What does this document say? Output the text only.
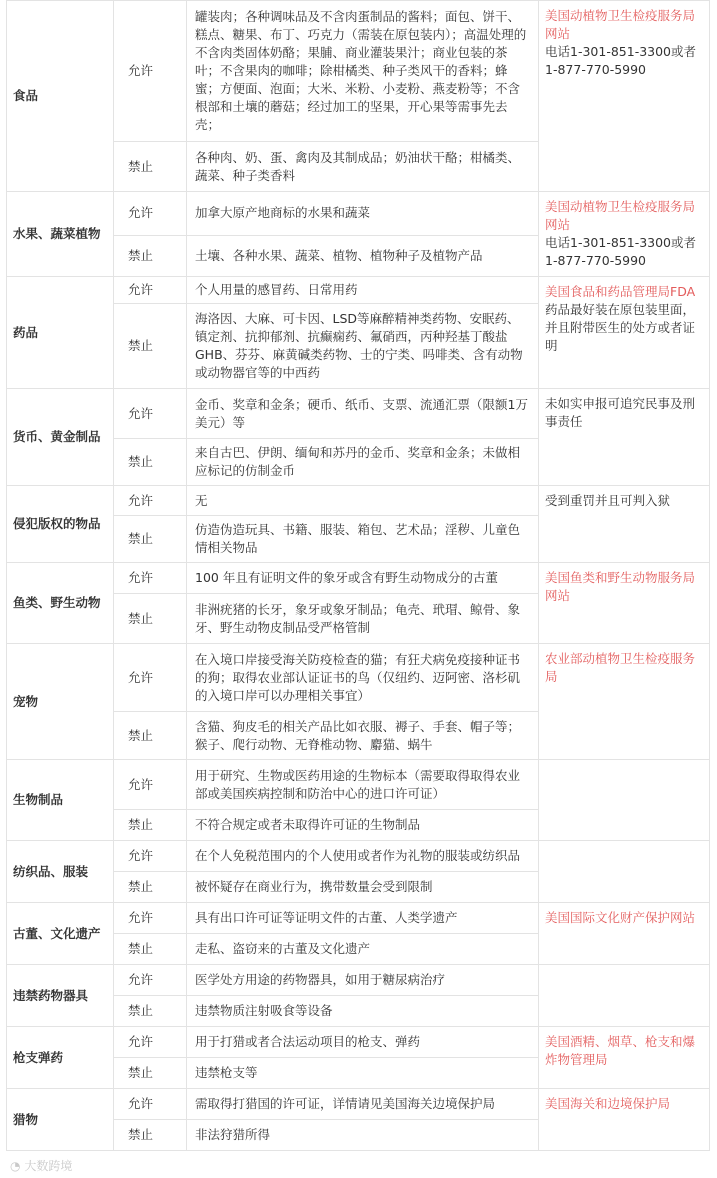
食品	允许	罐装肉；各种调味品及不含肉蛋制品的酱料；面包、饼干、糕点、糖果、布丁、巧克力（需装在原包装内）；高温处理的不含肉类固体奶酪；果脯、商业灌装果汁；商业包装的茶叶；不含果肉的咖啡；除柑橘类、种子类风干的香料；蜂蜜；方便面、泡面；大米、米粉、小麦粉、燕麦粉等；不含根部和土壤的蘑菇；经过加工的坚果，开心果等需事先去壳；	美国动植物卫生检疫服务局网站
电话1-301-851-3300或者1-877-770-5990

	禁止	各种肉、奶、蛋、禽肉及其制成品；奶油状干酪；柑橘类、蔬菜、种子类香料	
水果、蔬菜植物	允许	加拿大原产地商标的水果和蔬菜	美国动植物卫生检疫服务局网站
电话1-301-851-3300或者1-877-770-5990

	禁止	土壤、各种水果、蔬菜、植物、植物种子及植物产品	
药品	允许	个人用量的感冒药、日常用药	美国食品和药品管理局FDA
药品最好装在原包装里面，并且附带医生的处方或者证明

	禁止	海洛因、大麻、可卡因、LSD等麻醉精神类药物、安眠药、镇定剂、抗抑郁剂、抗癫痫药、氟硝西，丙种羟基丁酸盐GHB、芬芬、麻黄碱类药物、士的宁类、吗啡类、含有动物或动物器官等的中西药	
货币、黄金制品	允许	金币、奖章和金条；硬币、纸币、支票、流通汇票（限额1万美元）等	未如实申报可追究民事及刑事责任

	禁止	来自古巴、伊朗、缅甸和苏丹的金币、奖章和金条；未做相应标记的仿制金币	
侵犯版权的物品	允许	无	受到重罚并且可判入狱

	禁止	仿造伪造玩具、书籍、服装、箱包、艺术品；淫秽、儿童色情相关物品	
鱼类、野生动物	允许	100 年且有证明文件的象牙或含有野生动物成分的古董	美国鱼类和野生动物服务局网站

	禁止	非洲疣猪的长牙，象牙或象牙制品；龟壳、玳瑁、鲸骨、象牙、野生动物皮制品受严格管制	
宠物	允许	在入境口岸接受海关防疫检查的猫；有狂犬病免疫接种证书的狗；取得农业部认证证书的鸟（仅纽约、迈阿密、洛杉矶的入境口岸可以办理相关事宜）	农业部动植物卫生检疫服务局

	禁止	含猫、狗皮毛的相关产品比如衣服、褥子、手套、帽子等；猴子、爬行动物、无脊椎动物、麝猫、蜗牛	
生物制品	允许	用于研究、生物或医药用途的生物标本（需要取得取得农业部或美国疾病控制和防治中心的进口许可证）	
	禁止	不符合规定或者未取得许可证的生物制品	
纺织品、服装	允许	在个人免税范围内的个人使用或者作为礼物的服装或纺织品	
	禁止	被怀疑存在商业行为，携带数量会受到限制	
古董、文化遗产	允许	具有出口许可证等证明文件的古董、人类学遗产	美国国际文化财产保护网站

	禁止	走私、盗窃来的古董及文化遗产	
违禁药物器具	允许	医学处方用途的药物器具，如用于糖尿病治疗	
	禁止	违禁物质注射吸食等设备	
枪支弹药	允许	用于打猎或者合法运动项目的枪支、弹药	美国酒精、烟草、枪支和爆炸物管理局

	禁止	违禁枪支等	
猎物	允许	需取得打猎国的许可证，详情请见美国海关边境保护局	美国海关和边境保护局

	禁止	非法狩猎所得	
◔ 大数跨境
